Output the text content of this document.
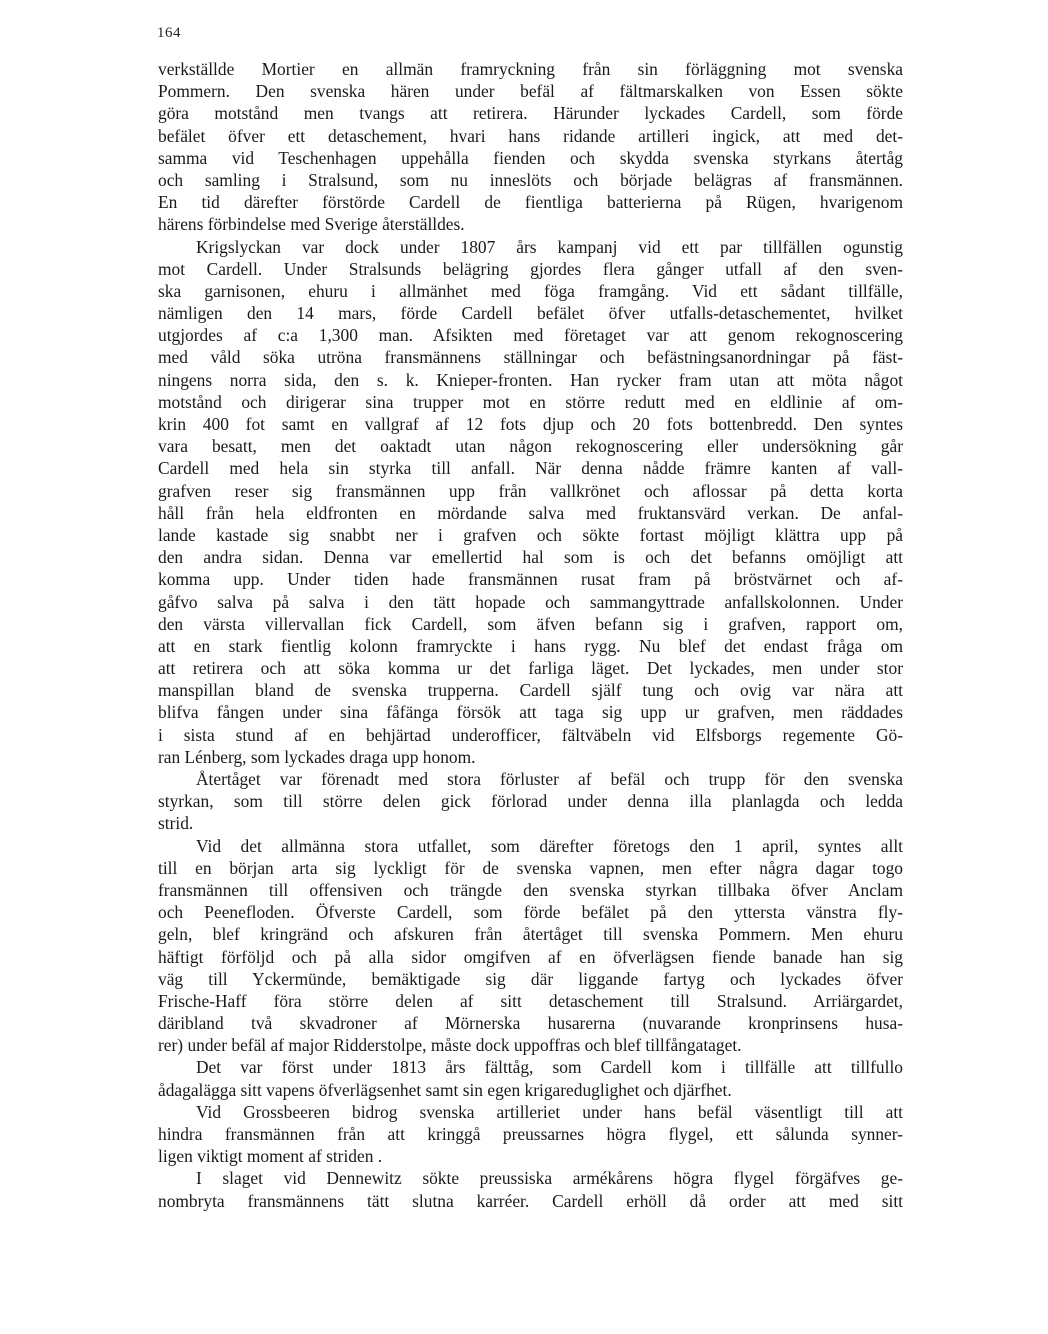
164
verkställde Mortier en allmän framryckning från sin förläggning mot svenska
Pommern. Den svenska hären under befäl af fältmarskalken von Essen sökte
göra motstånd men tvangs att retirera. Härunder lyckades Cardell, som förde
befälet öfver ett detaschement, hvari hans ridande artilleri ingick, att med det-
samma vid Teschenhagen uppehålla fienden och skydda svenska styrkans återtåg
och samling i Stralsund, som nu inneslöts och började belägras af fransmännen.
En tid därefter förstörde Cardell de fientliga batterierna på Rügen, hvarigenom
härens förbindelse med Sverige återställdes.
Krigslyckan var dock under 1807 års kampanj vid ett par tillfällen ogunstig
mot Cardell. Under Stralsunds belägring gjordes flera gånger utfall af den sven-
ska garnisonen, ehuru i allmänhet med föga framgång. Vid ett sådant tillfälle,
nämligen den 14 mars, förde Cardell befälet öfver utfalls-detaschementet, hvilket
utgjordes af c:a 1,300 man. Afsikten med företaget var att genom rekognoscering
med våld söka utröna fransmännens ställningar och befästningsanordningar på fäst-
ningens norra sida, den s. k. Knieper-fronten. Han rycker fram utan att möta något
motstånd och dirigerar sina trupper mot en större redutt med en eldlinie af om-
krin 400 fot samt en vallgraf af 12 fots djup och 20 fots bottenbredd. Den syntes
vara besatt, men det oaktadt utan någon rekognoscering eller undersökning går
Cardell med hela sin styrka till anfall. När denna nådde främre kanten af vall-
grafven reser sig fransmännen upp från vallkrönet och aflossar på detta korta
håll från hela eldfronten en mördande salva med fruktansvärd verkan. De anfal-
lande kastade sig snabbt ner i grafven och sökte fortast möjligt klättra upp på
den andra sidan. Denna var emellertid hal som is och det befanns omöjligt att
komma upp. Under tiden hade fransmännen rusat fram på bröstvärnet och af-
gåfvo salva på salva i den tätt hopade och sammangyttrade anfallskolonnen. Under
den värsta villervallan fick Cardell, som äfven befann sig i grafven, rapport om,
att en stark fientlig kolonn framryckte i hans rygg. Nu blef det endast fråga om
att retirera och att söka komma ur det farliga läget. Det lyckades, men under stor
manspillan bland de svenska trupperna. Cardell själf tung och ovig var nära att
blifva fången under sina fåfänga försök att taga sig upp ur grafven, men räddades
i sista stund af en behjärtad underofficer, fältväbeln vid Elfsborgs regemente Gö-
ran Lénberg, som lyckades draga upp honom.
Återtåget var förenadt med stora förluster af befäl och trupp för den svenska
styrkan, som till större delen gick förlorad under denna illa planlagda och ledda
strid.
Vid det allmänna stora utfallet, som därefter företogs den 1 april, syntes allt
till en början arta sig lyckligt för de svenska vapnen, men efter några dagar togo
fransmännen till offensiven och trängde den svenska styrkan tillbaka öfver Anclam
och Peenefloden. Öfverste Cardell, som förde befälet på den yttersta vänstra fly-
geln, blef kringränd och afskuren från återtåget till svenska Pommern. Men ehuru
häftigt förföljd och på alla sidor omgifven af en öfverlägsen fiende banade han sig
väg till Yckermünde, bemäktigade sig där liggande fartyg och lyckades öfver
Frische-Haff föra större delen af sitt detaschement till Stralsund. Arriärgardet,
däribland två skvadroner af Mörnerska husarerna (nuvarande kronprinsens husa-
rer) under befäl af major Ridderstolpe, måste dock uppoffras och blef tillfångataget.
Det var först under 1813 års fälttåg, som Cardell kom i tillfälle att tillfullo
ådagalägga sitt vapens öfverlägsenhet samt sin egen krigareduglighet och djärfhet.
Vid Grossbeeren bidrog svenska artilleriet under hans befäl väsentligt till att
hindra fransmännen från att kringgå preussarnes högra flygel, ett sålunda synner-
ligen viktigt moment af striden .
I slaget vid Dennewitz sökte preussiska armékårens högra flygel förgäfves ge-
nombryta fransmännens tätt slutna karréer. Cardell erhöll då order att med sitt
